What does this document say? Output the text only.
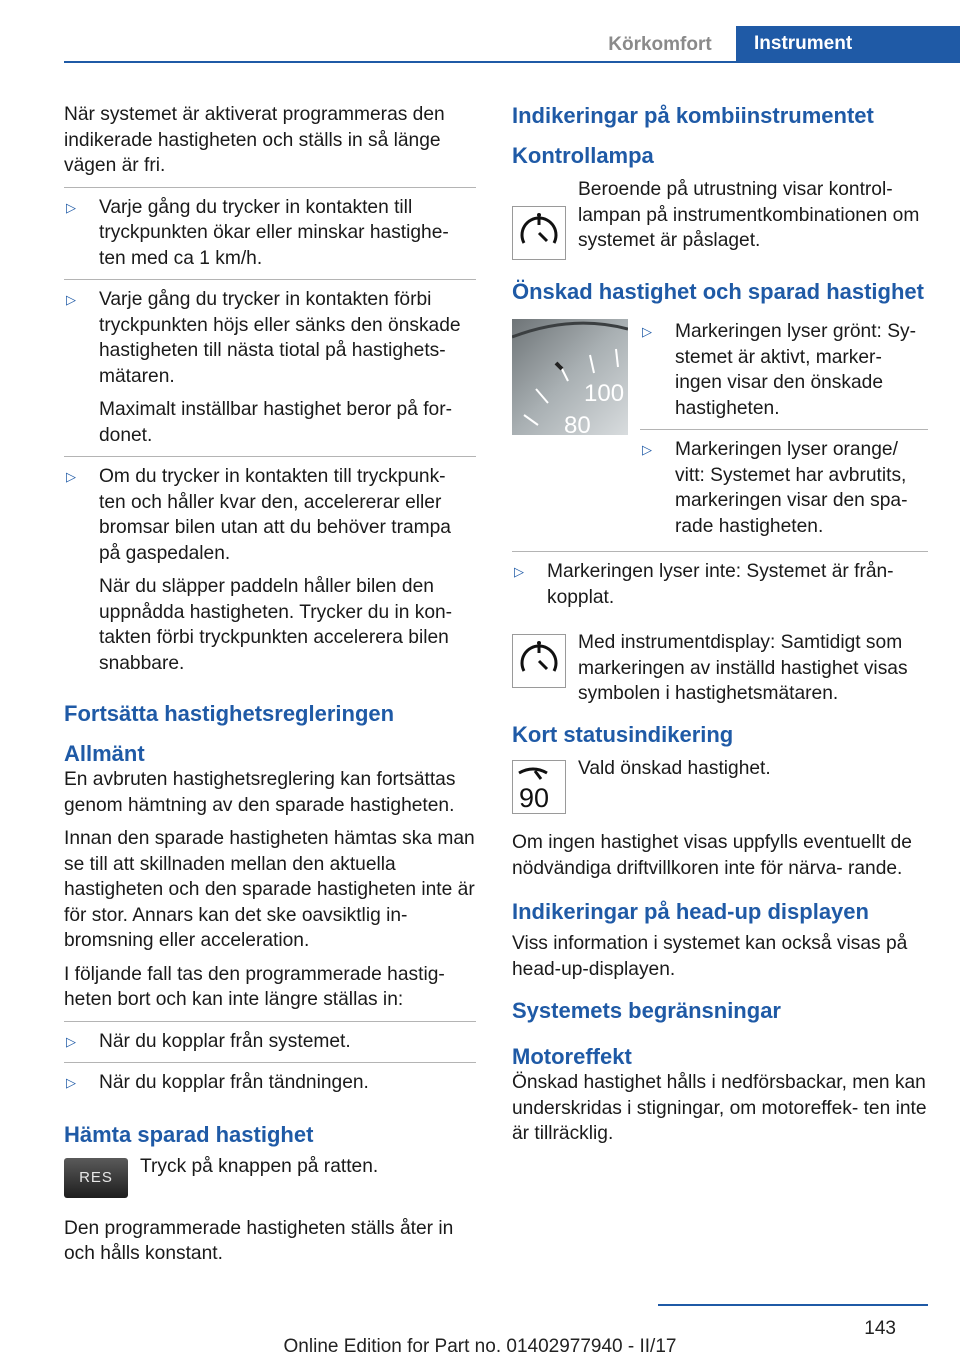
Körkomfort	Instrument

När systemet är aktiverat programmeras den indikerade hastigheten och ställs in så länge vägen är fri.

▷ Varje gång du trycker in kontakten till tryckpunkten ökar eller minskar hastighe- ten med ca 1 km/h.
▷ Varje gång du trycker in kontakten förbi tryckpunkten höjs eller sänks den önskade hastigheten till nästa tiotal på hastighets- mätaren.
Maximalt inställbar hastighet beror på for- donet.
▷ Om du trycker in kontakten till tryckpunk- ten och håller kvar den, accelererar eller bromsar bilen utan att du behöver trampa på gaspedalen.
När du släpper paddeln håller bilen den uppnådda hastigheten. Trycker du in kon- takten förbi tryckpunkten accelerera bilen snabbare.
Fortsätta hastighetsregleringen
Allmänt

En avbruten hastighetsreglering kan fortsättas genom hämtning av den sparade hastigheten.

Innan den sparade hastigheten hämtas ska man se till att skillnaden mellan den aktuella hastigheten och den sparade hastigheten inte är för stor. Annars kan det ske oavsiktlig in- bromsning eller acceleration.

I följande fall tas den programmerade hastig- heten bort och kan inte längre ställas in:

▷ När du kopplar från systemet.
▷ När du kopplar från tändningen.
Hämta sparad hastighet
RES

Tryck på knappen på ratten.

Den programmerade hastigheten ställs åter in och hålls konstant.

Indikeringar på kombiinstrumentet
Kontrollampa

Beroende på utrustning visar kontrol- lampan på instrumentkombinationen om systemet är påslaget.

Önskad hastighet och sparad hastighet
100
80
▷ Markeringen lyser grönt: Sy- stemet är aktivt, marker- ingen visar den önskade hastigheten.
▷ Markeringen lyser orange/ vitt: Systemet har avbrutits, markeringen visar den spa- rade hastigheten.
▷ Markeringen lyser inte: Systemet är från- kopplat.

Med instrumentdisplay: Samtidigt som markeringen av inställd hastighet visas symbolen i hastighetsmätaren.

Kort statusindikering
90

Vald önskad hastighet.

Om ingen hastighet visas uppfylls eventuellt de nödvändiga driftvillkoren inte för närva- rande.

Indikeringar på head-up displayen

Viss information i systemet kan också visas på head-up-displayen.

Systemets begränsningar
Motoreffekt

Önskad hastighet hålls i nedförsbackar, men kan underskridas i stigningar, om motoreffek- ten inte är tillräcklig.

143
Online Edition for Part no. 01402977940 - II/17
